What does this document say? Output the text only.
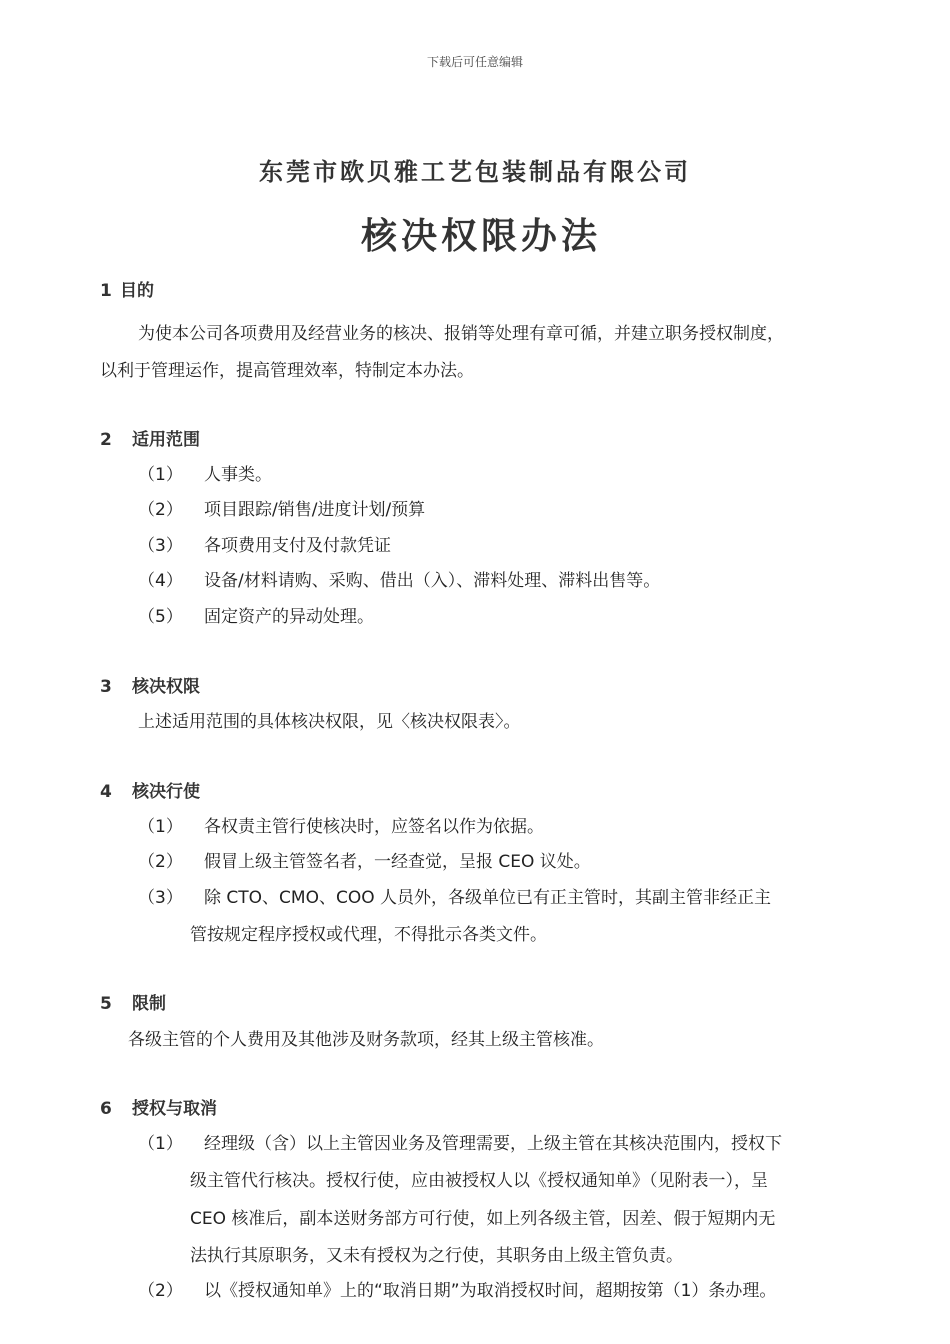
下载后可任意编辑
东莞市欧贝雅工艺包装制品有限公司
核决权限办法
1 目的
为使本公司各项费用及经营业务的核决、报销等处理有章可循，并建立职务授权制度，
以利于管理运作，提高管理效率，特制定本办法。
2 适用范围
（1） 人事类。
（2） 项目跟踪/销售/进度计划/预算
（3） 各项费用支付及付款凭证
（4） 设备/材料请购、采购、借出（入）、滞料处理、滞料出售等。
（5） 固定资产的异动处理。
3 核决权限
上述适用范围的具体核决权限，见〈核决权限表〉。
4 核决行使
（1） 各权责主管行使核决时，应签名以作为依据。
（2） 假冒上级主管签名者，一经查觉，呈报 CEO 议处。
（3） 除 CTO、CMO、COO 人员外，各级单位已有正主管时，其副主管非经正主
管按规定程序授权或代理，不得批示各类文件。
5 限制
各级主管的个人费用及其他涉及财务款项，经其上级主管核准。
6 授权与取消
（1） 经理级（含）以上主管因业务及管理需要，上级主管在其核决范围内，授权下
级主管代行核决。授权行使，应由被授权人以《授权通知单》（见附表一），呈
CEO 核准后，副本送财务部方可行使，如上列各级主管，因差、假于短期内无
法执行其原职务，又未有授权为之行使，其职务由上级主管负责。
（2） 以《授权通知单》上的“取消日期”为取消授权时间，超期按第（1）条办理。
